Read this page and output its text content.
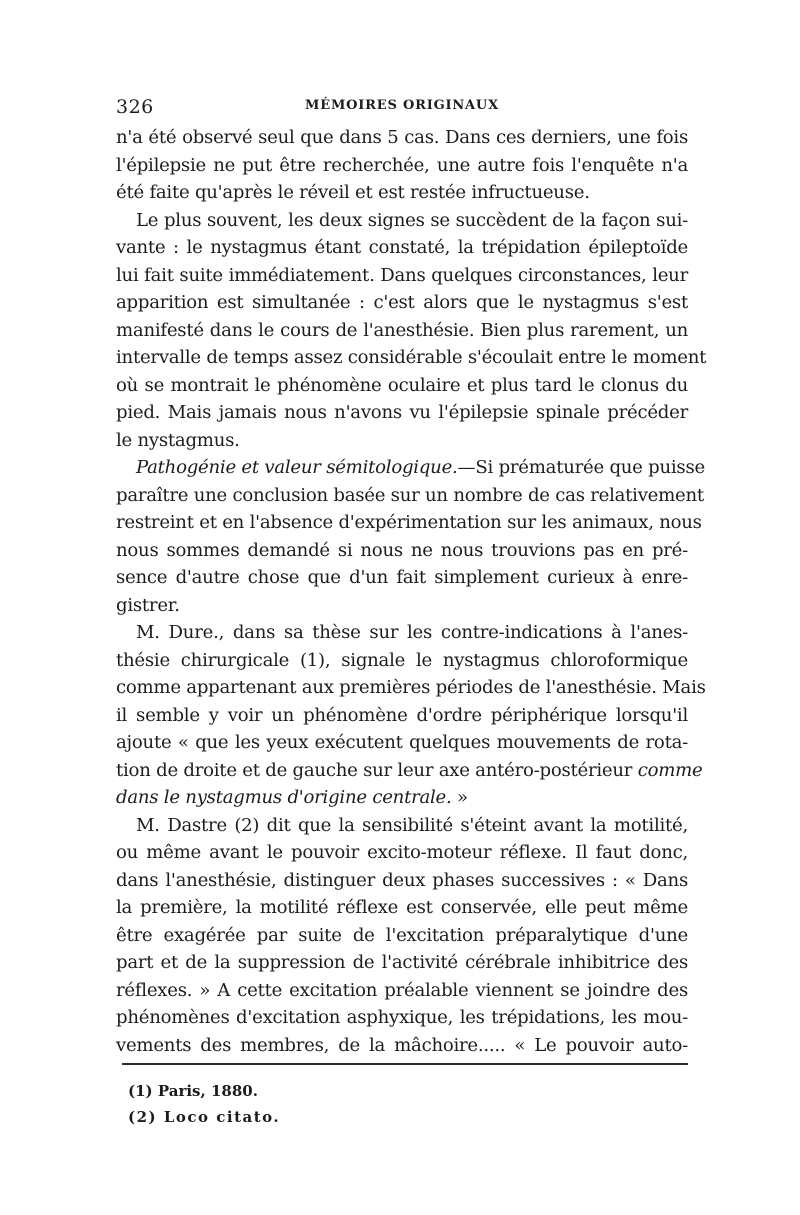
326	MÉMOIRES ORIGINAUX
n'a été observé seul que dans 5 cas. Dans ces derniers, une fois
l'épilepsie ne put être recherchée, une autre fois l'enquête n'a
été faite qu'après le réveil et est restée infructueuse.
Le plus souvent, les deux signes se succèdent de la façon sui-
vante : le nystagmus étant constaté, la trépidation épileptoïde
lui fait suite immédiatement. Dans quelques circonstances, leur
apparition est simultanée : c'est alors que le nystagmus s'est
manifesté dans le cours de l'anesthésie. Bien plus rarement, un
intervalle de temps assez considérable s'écoulait entre le moment
où se montrait le phénomène oculaire et plus tard le clonus du
pied. Mais jamais nous n'avons vu l'épilepsie spinale précéder
le nystagmus.
Pathogénie et valeur sémitologique.—Si prématurée que puisse
paraître une conclusion basée sur un nombre de cas relativement
restreint et en l'absence d'expérimentation sur les animaux, nous
nous sommes demandé si nous ne nous trouvions pas en pré-
sence d'autre chose que d'un fait simplement curieux à enre-
gistrer.
M. Dure., dans sa thèse sur les contre-indications à l'anes-
thésie chirurgicale (1), signale le nystagmus chloroformique
comme appartenant aux premières périodes de l'anesthésie. Mais
il semble y voir un phénomène d'ordre périphérique lorsqu'il
ajoute « que les yeux exécutent quelques mouvements de rota-
tion de droite et de gauche sur leur axe antéro-postérieur comme
dans le nystagmus d'origine centrale. »
M. Dastre (2) dit que la sensibilité s'éteint avant la motilité,
ou même avant le pouvoir excito-moteur réflexe. Il faut donc,
dans l'anesthésie, distinguer deux phases successives : « Dans
la première, la motilité réflexe est conservée, elle peut même
être exagérée par suite de l'excitation préparalytique d'une
part et de la suppression de l'activité cérébrale inhibitrice des
réflexes. » A cette excitation préalable viennent se joindre des
phénomènes d'excitation asphyxique, les trépidations, les mou-
vements des membres, de la mâchoire..... « Le pouvoir auto-
(1) Paris, 1880.
(2) Loco citato.
